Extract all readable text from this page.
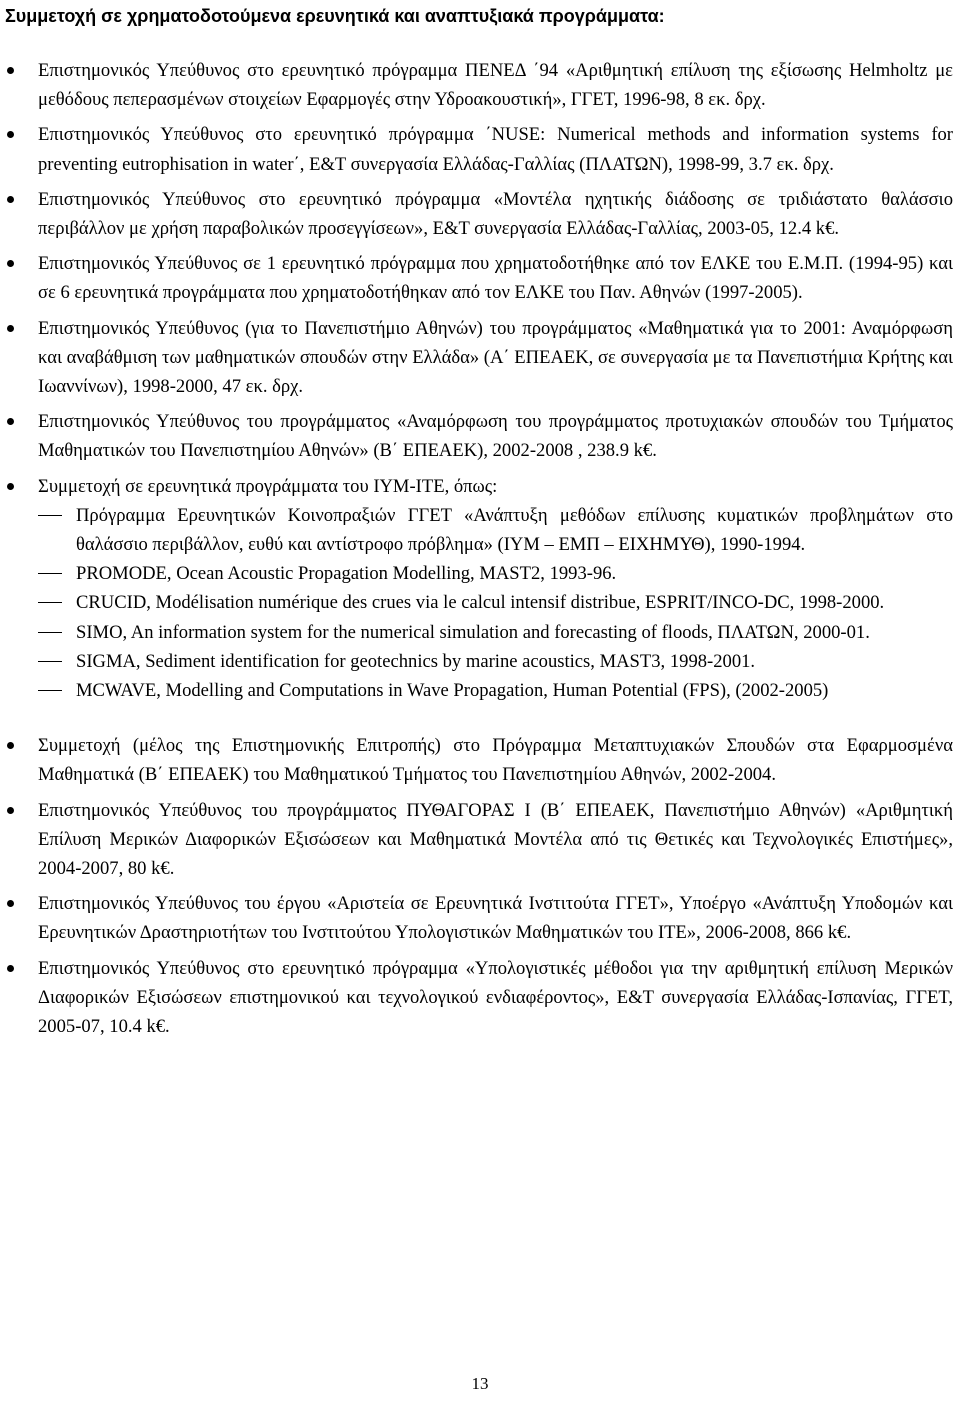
Συμμετοχή σε χρηματοδοτούμενα ερευνητικά και αναπτυξιακά προγράμματα:
Επιστημονικός Υπεύθυνος στο ερευνητικό πρόγραμμα ΠΕΝΕΔ ΄94 «Αριθμητική επίλυση της εξίσωσης Helmholtz με μεθόδους πεπερασμένων στοιχείων Εφαρμογές στην Υδροακουστική», ΓΓΕΤ, 1996-98, 8 εκ. δρχ.
Επιστημονικός Υπεύθυνος στο ερευνητικό πρόγραμμα ΄NUSE: Numerical methods and information systems for preventing eutrophisation in water΄, Ε&Τ συνεργασία Ελλάδας-Γαλλίας (ΠΛΑΤΩΝ), 1998-99, 3.7 εκ. δρχ.
Επιστημονικός Υπεύθυνος στο ερευνητικό πρόγραμμα «Μοντέλα ηχητικής διάδοσης σε τριδιάστατο θαλάσσιο περιβάλλον με χρήση παραβολικών προσεγγίσεων», Ε&Τ συνεργασία Ελλάδας-Γαλλίας, 2003-05, 12.4 k€.
Επιστημονικός Υπεύθυνος σε 1 ερευνητικό πρόγραμμα που χρηματοδοτήθηκε από τον ΕΛΚΕ του Ε.Μ.Π. (1994-95) και σε 6 ερευνητικά προγράμματα που χρηματοδοτήθηκαν από τον ΕΛΚΕ του Παν. Αθηνών (1997-2005).
Επιστημονικός Υπεύθυνος (για το Πανεπιστήμιο Αθηνών) του προγράμματος «Μαθηματικά για το 2001: Αναμόρφωση και αναβάθμιση των μαθηματικών σπουδών στην Ελλάδα» (Α΄ ΕΠΕΑΕΚ, σε συνεργασία με τα Πανεπιστήμια Κρήτης και Ιωαννίνων), 1998-2000, 47 εκ. δρχ.
Επιστημονικός Υπεύθυνος του προγράμματος «Αναμόρφωση του προγράμματος προτυχιακών σπουδών του Τμήματος Μαθηματικών του Πανεπιστημίου Αθηνών» (Β΄ ΕΠΕΑΕΚ), 2002-2008 , 238.9 k€.
Συμμετοχή σε ερευνητικά προγράμματα του ΙΥΜ-ΙΤΕ, όπως:
Πρόγραμμα Ερευνητικών Κοινοπραξιών ΓΓΕΤ «Ανάπτυξη μεθόδων επίλυσης κυματικών προβλημάτων στο θαλάσσιο περιβάλλον, ευθύ και αντίστροφο πρόβλημα» (ΙΥΜ – ΕΜΠ – ΕΙΧΗΜΥΘ), 1990-1994.
PROMODE, Ocean Acoustic Propagation Modelling, MAST2, 1993-96.
CRUCID, Modélisation numérique des crues via le calcul intensif distribue, ESPRIT/INCO-DC, 1998-2000.
SIMO, An information system for the numerical simulation and forecasting of floods, ΠΛΑΤΩΝ, 2000-01.
SIGMA, Sediment identification for geotechnics by marine acoustics, MAST3, 1998-2001.
MCWAVE, Modelling and Computations in Wave Propagation, Human Potential (FPS), (2002-2005)
Συμμετοχή (μέλος της Επιστημονικής Επιτροπής) στο Πρόγραμμα Μεταπτυχιακών Σπουδών στα Εφαρμοσμένα Μαθηματικά (Β΄ ΕΠΕΑΕΚ) του Μαθηματικού Τμήματος του Πανεπιστημίου Αθηνών, 2002-2004.
Επιστημονικός Υπεύθυνος του προγράμματος ΠΥΘΑΓΟΡΑΣ Ι (Β΄ ΕΠΕΑΕΚ, Πανεπιστήμιο Αθηνών) «Αριθμητική Επίλυση Μερικών Διαφορικών Εξισώσεων και Μαθηματικά Μοντέλα από τις Θετικές και Τεχνολογικές Επιστήμες», 2004-2007, 80 k€.
Επιστημονικός Υπεύθυνος του έργου «Αριστεία σε Ερευνητικά Ινστιτούτα ΓΓΕΤ», Υποέργο «Ανάπτυξη Υποδομών και Ερευνητικών Δραστηριοτήτων του Ινστιτούτου Υπολογιστικών Μαθηματικών του ΙΤΕ», 2006-2008, 866 k€.
Επιστημονικός Υπεύθυνος στο ερευνητικό πρόγραμμα «Υπολογιστικές μέθοδοι για την αριθμητική επίλυση Μερικών Διαφορικών Εξισώσεων επιστημονικού και τεχνολογικού ενδιαφέροντος», Ε&Τ συνεργασία Ελλάδας-Ισπανίας, ΓΓΕΤ, 2005-07, 10.4 k€.
13
